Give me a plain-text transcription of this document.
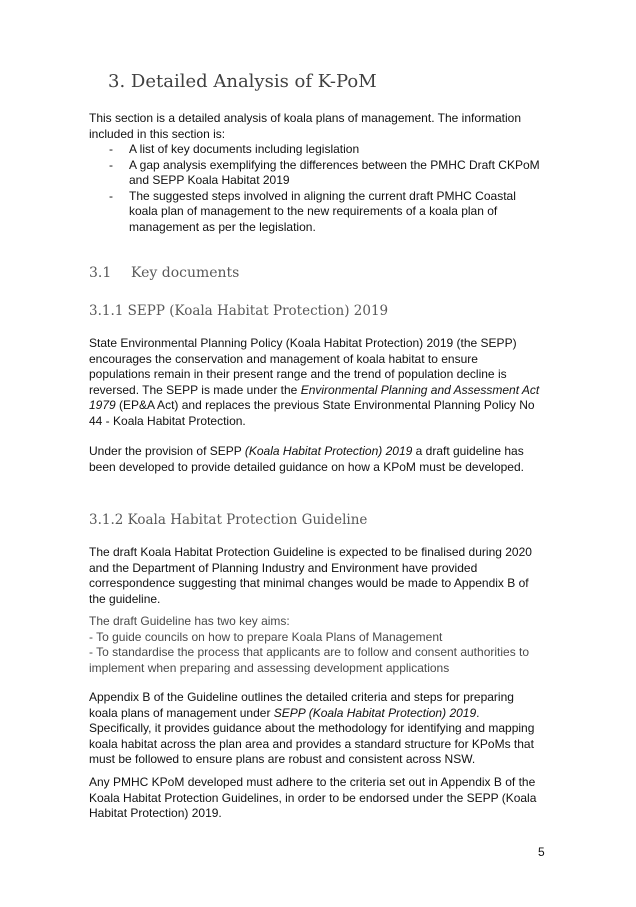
3. Detailed Analysis of K-PoM
This section is a detailed analysis of koala plans of management. The information
included in this section is:
- A list of key documents including legislation
- A gap analysis exemplifying the differences between the PMHC Draft CKPoM
and SEPP Koala Habitat 2019
- The suggested steps involved in aligning the current draft PMHC Coastal
koala plan of management to the new requirements of a koala plan of
management as per the legislation.
3.1 Key documents
3.1.1 SEPP (Koala Habitat Protection) 2019
State Environmental Planning Policy (Koala Habitat Protection) 2019 (the SEPP)
encourages the conservation and management of koala habitat to ensure
populations remain in their present range and the trend of population decline is
reversed. The SEPP is made under the Environmental Planning and Assessment Act
1979 (EP&A Act) and replaces the previous State Environmental Planning Policy No
44 - Koala Habitat Protection.
Under the provision of SEPP (Koala Habitat Protection) 2019 a draft guideline has
been developed to provide detailed guidance on how a KPoM must be developed.
3.1.2 Koala Habitat Protection Guideline
The draft Koala Habitat Protection Guideline is expected to be finalised during 2020
and the Department of Planning Industry and Environment have provided
correspondence suggesting that minimal changes would be made to Appendix B of
the guideline.
The draft Guideline has two key aims:
- To guide councils on how to prepare Koala Plans of Management
- To standardise the process that applicants are to follow and consent authorities to
implement when preparing and assessing development applications
Appendix B of the Guideline outlines the detailed criteria and steps for preparing
koala plans of management under SEPP (Koala Habitat Protection) 2019.
Specifically, it provides guidance about the methodology for identifying and mapping
koala habitat across the plan area and provides a standard structure for KPoMs that
must be followed to ensure plans are robust and consistent across NSW.
Any PMHC KPoM developed must adhere to the criteria set out in Appendix B of the
Koala Habitat Protection Guidelines, in order to be endorsed under the SEPP (Koala
Habitat Protection) 2019.
5
